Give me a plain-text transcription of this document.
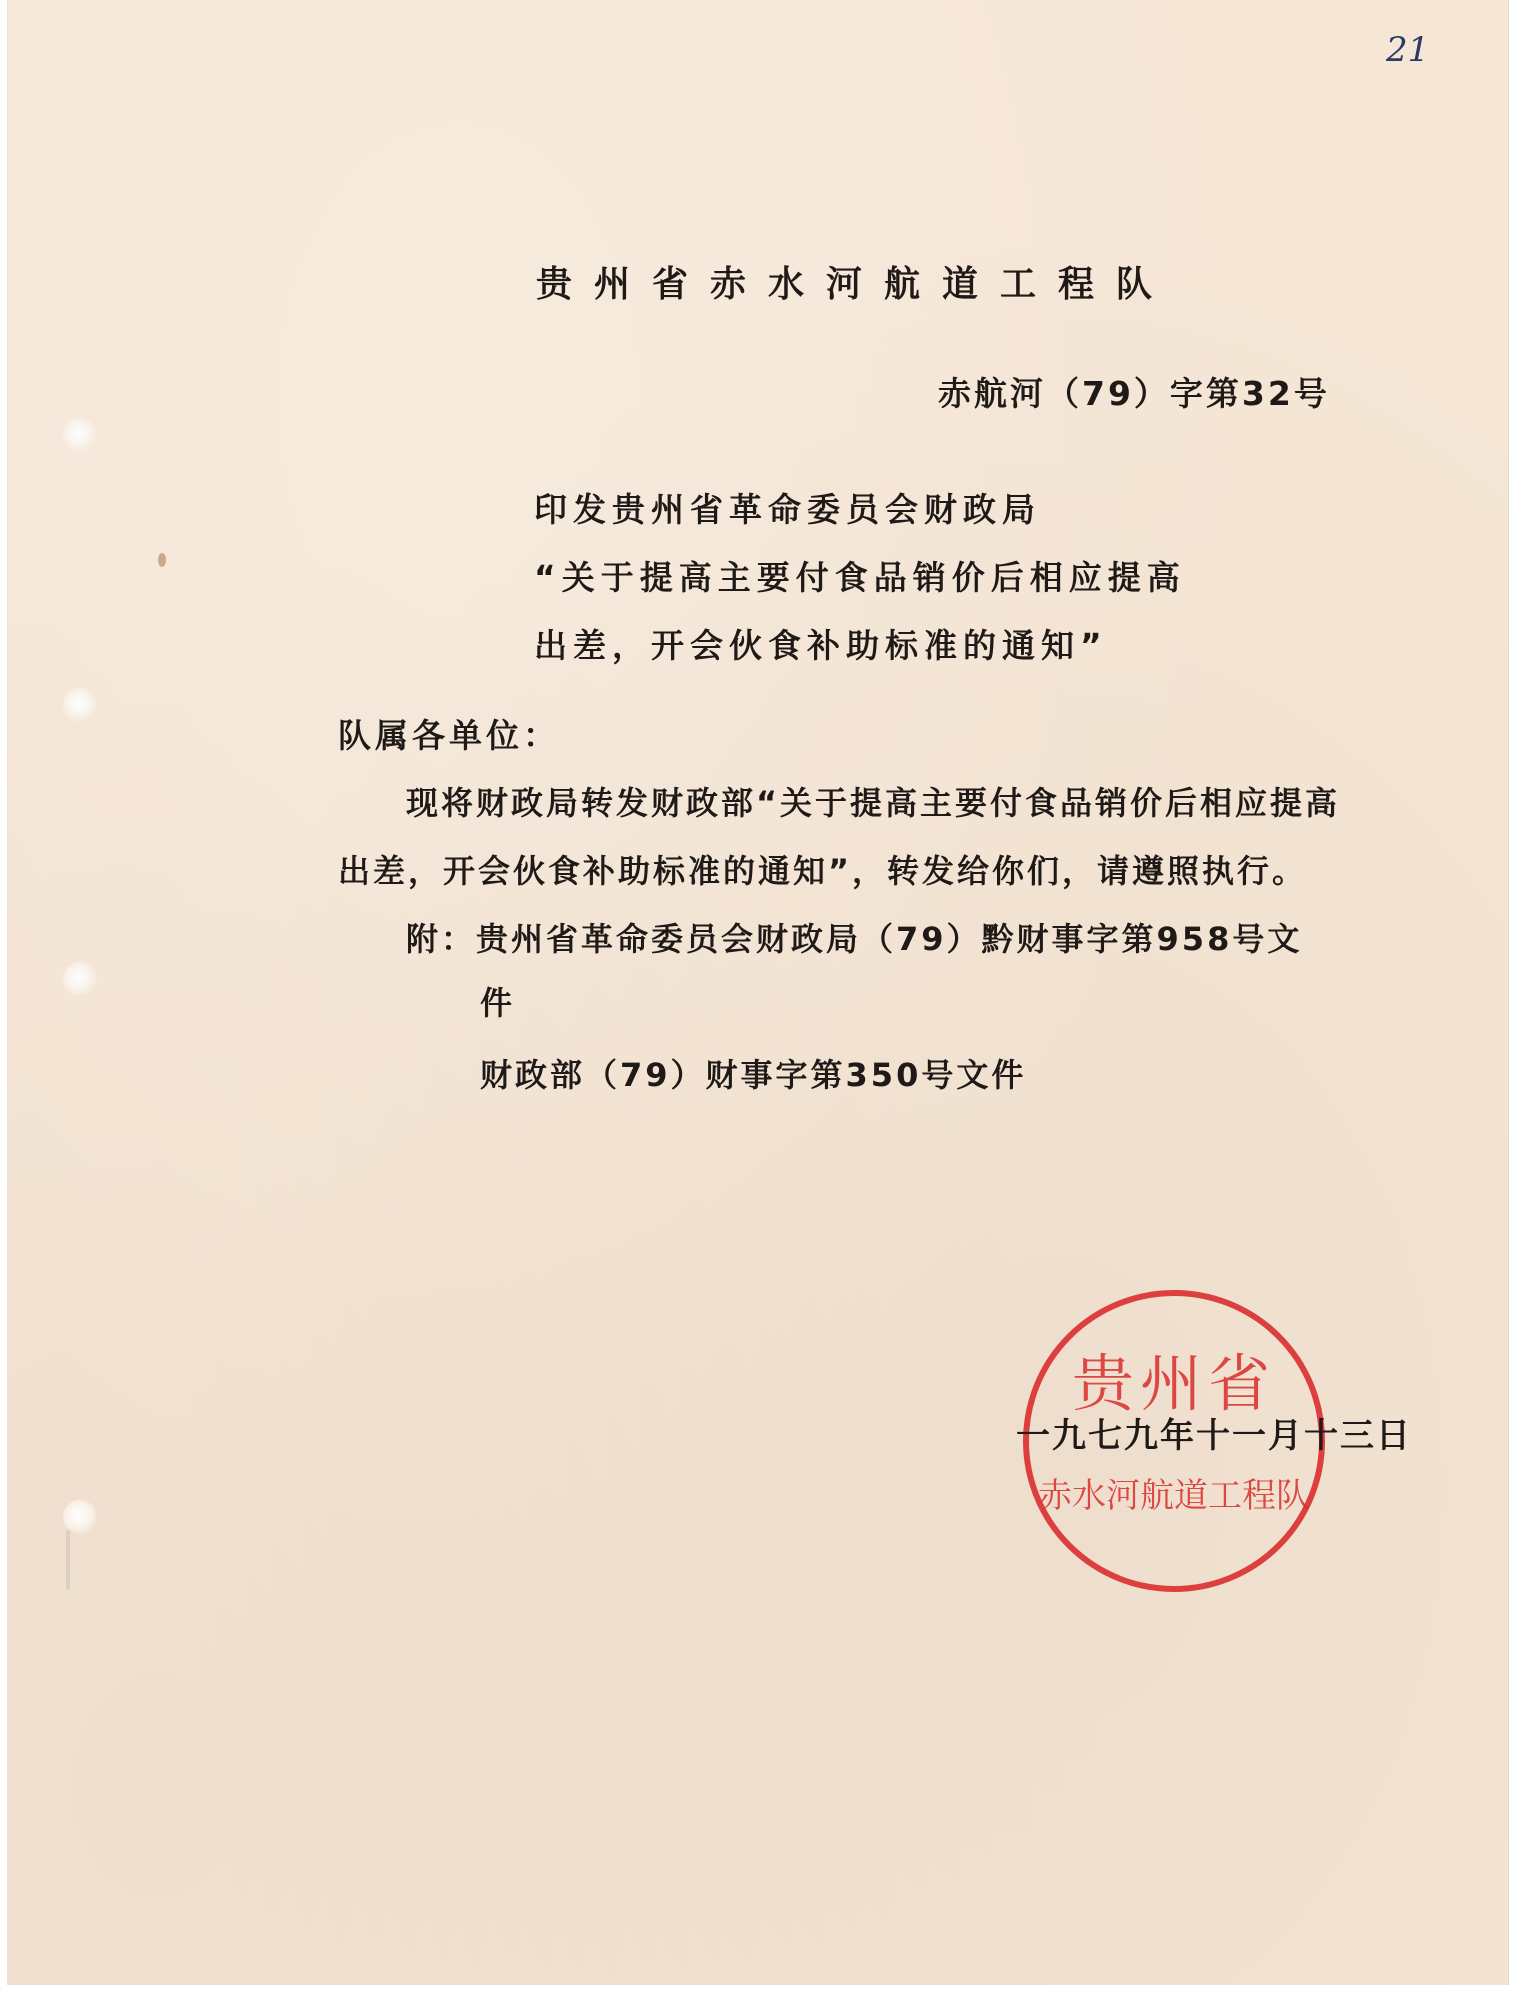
21
贵州省赤水河航道工程队
赤航河（79）字第32号
印发贵州省革命委员会财政局
“关于提高主要付食品销价后相应提高
出差，开会伙食补助标准的通知”
队属各单位：
现将财政局转发财政部“关于提高主要付食品销价后相应提高
出差，开会伙食补助标准的通知”，转发给你们，请遵照执行。
附：贵州省革命委员会财政局（79）黔财事字第958号文
件
财政部（79）财事字第350号文件
贵州省
赤水河航道工程队
一九七九年十一月十三日
